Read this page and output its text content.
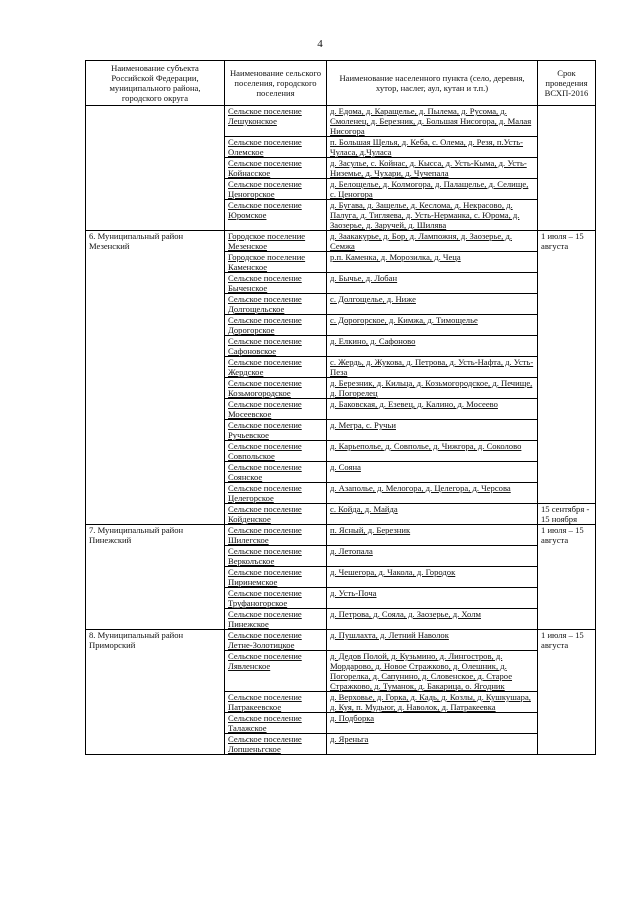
4
Наименование субъекта Российской Федерации, муниципального района, городского округа	Наименование сельского поселения, городского поселения	Наименование населенного пункта (село, деревня, хутор, наслег, аул, кутан и т.п.)	Срок проведения ВСХП-2016
	Сельское поселение Лешуконское	д. Едома, д. Каращелье, д. Пылема, д. Русома, д. Смоленец, д. Березник, д. Большая Нисогора, д. Малая Нисогора	
	Сельское поселение Олемское	п. Большая Щелья, д. Кеба, с. Олема, д. Резя, п.Усть-Чуласа, д.Чуласа	
	Сельское поселение Койнасское	д. Засулье, с. Койнас, д. Кысса, д. Усть-Кыма, д. Усть-Низемье, д. Чухари, д. Чучепала	
	Сельское поселение Ценогорское	д. Белощелье, д. Колмогора, д. Палащелье, д. Селище, с. Ценогора	
	Сельское поселение Юромское	д. Бугава, д. Защелье, д. Кеслома, д. Некрасово, д. Палуга, д. Тигляева, д. Усть-Нерманка, с. Юрома, д. Заозерье, д. Заручей, д. Шилява	
6. Муниципальный район Мезенский	Городское поселение Мезенское	д. Заакакурье, д. Бор, д. Лампожня, д. Заозерье, д. Семжа	1 июля – 15 августа
	Городское поселение Каменское	р.п. Каменка, д. Морозилка, д. Чеца	
	Сельское поселение Быченское	д. Бычье, д. Лобан	
	Сельское поселение Долгощельское	с. Долгощелье, д. Ниже	
	Сельское поселение Дорогорское	с. Дорогорское, д. Кимжа, д. Тимощелье	
	Сельское поселение Сафоновское	д. Елкино, д. Сафоново	
	Сельское поселение Жердское	с. Жердь, д. Жукова, д. Петрова, д. Усть-Нафта, д. Усть-Пеза	
	Сельское поселение Козьмогородское	д. Березник, д. Кильца, д. Козьмогородское, д. Печище, д. Погорелец	
	Сельское поселение Мосеевское	д. Баковская, д. Езевец, д. Калино, д. Мосеево	
	Сельское поселение Ручьевское	д. Мегра, с. Ручьи	
	Сельское поселение Совпольское	д. Карьеполье, д. Совполье, д. Чижгора, д. Соколово	
	Сельское поселение Соянское	д. Сояна	
	Сельское поселение Целегорское	д. Азаполье, д. Мелогора, д. Целегора, д. Черсова	
	Сельское поселение Койденское	с. Койда, д. Майда	15 сентября - 15 ноября
7. Муниципальный район Пинежский	Сельское поселение Шилегское	п. Ясный, д. Березник	1 июля – 15 августа
	Сельское поселение Верколъское	д. Летопала	
	Сельское поселение Пиринемское	д. Чешегора, д. Чакола, д. Городок	
	Сельское поселение Труфаногорское	д. Усть-Поча	
	Сельское поселение Пинежское	д. Петрова, д. Сояла, д. Заозерье, д. Холм	
8. Муниципальный район Приморский	Сельское поселение Летне-Золотицкое	д. Пушлахта, д. Летний Наволок	1 июля – 15 августа
	Сельское поселение Лявленское	д. Дедов Полой, д. Кузьмино, д. Лингостров, д. Мордарово, д. Новое Стражково, д. Олешник, д. Погорелка, д. Сапунино, д. Словенское, д. Старое Стражково, д. Туманок, д. Бакарица, о. Ягодник	
	Сельское поселение Патракеевское	д. Верховье, д. Горка, д. Кадь, д. Козлы, д. Кушкушара, д. Куя, п. Мудьюг, д. Наволок, д. Патракеевка	
	Сельское поселение Талажское	д. Подборка	
	Сельское поселение Лопшеньгское	д. Яреньга	
